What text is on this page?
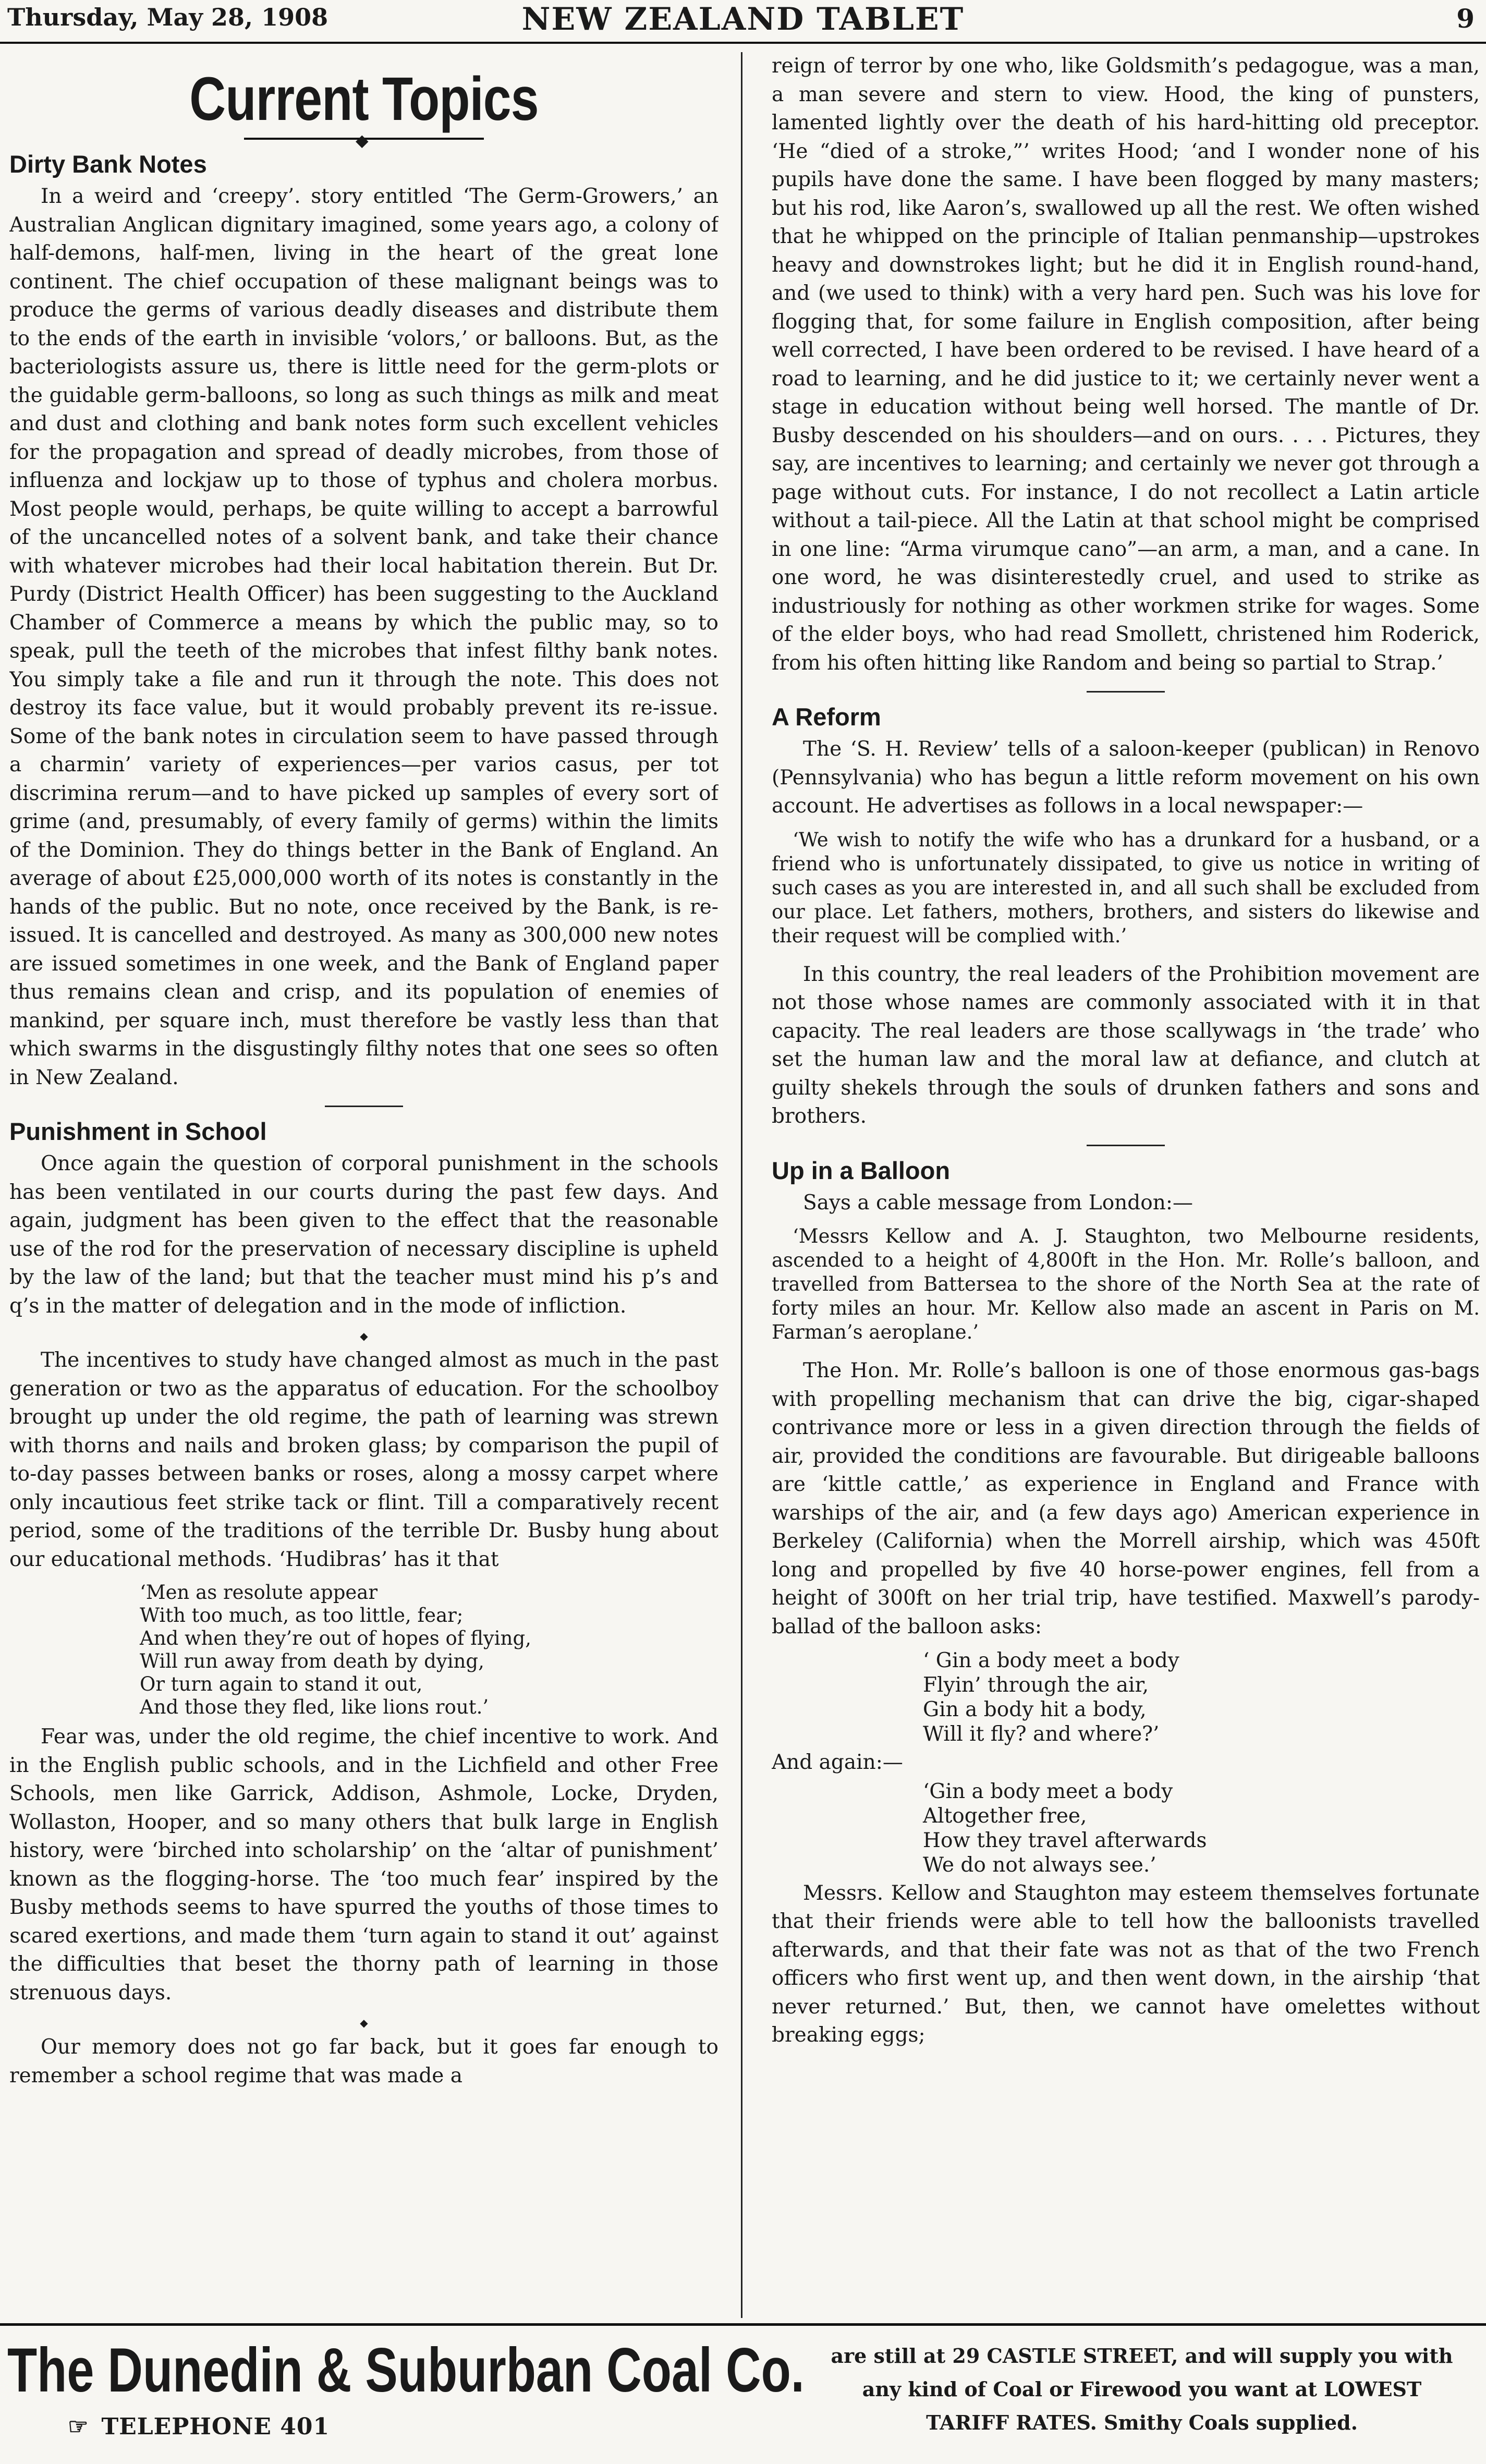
Thursday, May 28, 1908	NEW ZEALAND TABLET	9
Current Topics
◆
Dirty Bank Notes

In a weird and ‘creepy’. story entitled ‘The Germ-Growers,’ an Australian Anglican dignitary imagined, some years ago, a colony of half-demons, half-men, living in the heart of the great lone continent. The chief occupation of these malignant beings was to produce the germs of various deadly diseases and distribute them to the ends of the earth in invisible ‘volors,’ or balloons. But, as the bacteriologists assure us, there is little need for the germ-plots or the guidable germ-balloons, so long as such things as milk and meat and dust and clothing and bank notes form such excellent vehicles for the propagation and spread of deadly microbes, from those of influenza and lockjaw up to those of typhus and cholera morbus. Most people would, perhaps, be quite willing to accept a barrowful of the uncancelled notes of a solvent bank, and take their chance with whatever microbes had their local habitation therein. But Dr. Purdy (District Health Officer) has been suggesting to the Auckland Chamber of Commerce a means by which the public may, so to speak, pull the teeth of the microbes that infest filthy bank notes. You simply take a file and run it through the note. This does not destroy its face value, but it would probably prevent its re-issue. Some of the bank notes in circulation seem to have passed through a charmin’ variety of experiences—per varios casus, per tot discrimina rerum—and to have picked up samples of every sort of grime (and, presumably, of every family of germs) within the limits of the Dominion. They do things better in the Bank of England. An average of about £25,000,000 worth of its notes is constantly in the hands of the public. But no note, once received by the Bank, is re-issued. It is cancelled and destroyed. As many as 300,000 new notes are issued sometimes in one week, and the Bank of England paper thus remains clean and crisp, and its population of enemies of mankind, per square inch, must therefore be vastly less than that which swarms in the disgustingly filthy notes that one sees so often in New Zealand.

Punishment in School

Once again the question of corporal punishment in the schools has been ventilated in our courts during the past few days. And again, judgment has been given to the effect that the reasonable use of the rod for the preservation of necessary discipline is upheld by the law of the land; but that the teacher must mind his p’s and q’s in the matter of delegation and in the mode of infliction.

◆

The incentives to study have changed almost as much in the past generation or two as the apparatus of education. For the schoolboy brought up under the old regime, the path of learning was strewn with thorns and nails and broken glass; by comparison the pupil of to-day passes between banks or roses, along a mossy carpet where only incautious feet strike tack or flint. Till a comparatively recent period, some of the traditions of the terrible Dr. Busby hung about our educational methods. ‘Hudibras’ has it that

‘Men as resolute appear
With too much, as too little, fear;
And when they’re out of hopes of flying,
Will run away from death by dying,
Or turn again to stand it out,
And those they fled, like lions rout.’

Fear was, under the old regime, the chief incentive to work. And in the English public schools, and in the Lichfield and other Free Schools, men like Garrick, Addison, Ashmole, Locke, Dryden, Wollaston, Hooper, and so many others that bulk large in English history, were ‘birched into scholarship’ on the ‘altar of punishment’ known as the flogging-horse. The ‘too much fear’ inspired by the Busby methods seems to have spurred the youths of those times to scared exertions, and made them ‘turn again to stand it out’ against the difficulties that beset the thorny path of learning in those strenuous days.

◆

Our memory does not go far back, but it goes far enough to remember a school regime that was made a

reign of terror by one who, like Goldsmith’s pedagogue, was a man, a man severe and stern to view. Hood, the king of punsters, lamented lightly over the death of his hard-hitting old preceptor. ‘He “died of a stroke,”’ writes Hood; ‘and I wonder none of his pupils have done the same. I have been flogged by many masters; but his rod, like Aaron’s, swallowed up all the rest. We often wished that he whipped on the principle of Italian penmanship—upstrokes heavy and downstrokes light; but he did it in English round-hand, and (we used to think) with a very hard pen. Such was his love for flogging that, for some failure in English composition, after being well corrected, I have been ordered to be revised. I have heard of a road to learning, and he did justice to it; we certainly never went a stage in education without being well horsed. The mantle of Dr. Busby descended on his shoulders—and on ours. . . . Pictures, they say, are incentives to learning; and certainly we never got through a page without cuts. For instance, I do not recollect a Latin article without a tail-piece. All the Latin at that school might be comprised in one line: “Arma virumque cano”—an arm, a man, and a cane. In one word, he was disinterestedly cruel, and used to strike as industriously for nothing as other workmen strike for wages. Some of the elder boys, who had read Smollett, christened him Roderick, from his often hitting like Random and being so partial to Strap.’

A Reform

The ‘S. H. Review’ tells of a saloon-keeper (publican) in Renovo (Pennsylvania) who has begun a little reform movement on his own account. He advertises as follows in a local newspaper:—

‘We wish to notify the wife who has a drunkard for a husband, or a friend who is unfortunately dissipated, to give us notice in writing of such cases as you are interested in, and all such shall be excluded from our place. Let fathers, mothers, brothers, and sisters do likewise and their request will be complied with.’

In this country, the real leaders of the Prohibition movement are not those whose names are commonly associated with it in that capacity. The real leaders are those scallywags in ‘the trade’ who set the human law and the moral law at defiance, and clutch at guilty shekels through the souls of drunken fathers and sons and brothers.

Up in a Balloon

Says a cable message from London:—

‘Messrs Kellow and A. J. Staughton, two Melbourne residents, ascended to a height of 4,800ft in the Hon. Mr. Rolle’s balloon, and travelled from Battersea to the shore of the North Sea at the rate of forty miles an hour. Mr. Kellow also made an ascent in Paris on M. Farman’s aeroplane.’

The Hon. Mr. Rolle’s balloon is one of those enormous gas-bags with propelling mechanism that can drive the big, cigar-shaped contrivance more or less in a given direction through the fields of air, provided the conditions are favourable. But dirigeable balloons are ‘kittle cattle,’ as experience in England and France with warships of the air, and (a few days ago) American experience in Berkeley (California) when the Morrell airship, which was 450ft long and propelled by five 40 horse-power engines, fell from a height of 300ft on her trial trip, have testified. Maxwell’s parody-ballad of the balloon asks:

‘ Gin a body meet a body
Flyin’ through the air,
Gin a body hit a body,
Will it fly? and where?’
And again:—
‘Gin a body meet a body
Altogether free,
How they travel afterwards
We do not always see.’

Messrs. Kellow and Staughton may esteem themselves fortunate that their friends were able to tell how the balloonists travelled afterwards, and that their fate was not as that of the two French officers who first went up, and then went down, in the airship ‘that never returned.’ But, then, we cannot have omelettes without breaking eggs;

The Dunedin & Suburban Coal Co.
☞ TELEPHONE 401
are still at 29 CASTLE STREET, and will supply you with
any kind of Coal or Firewood you want at LOWEST
TARIFF RATES. Smithy Coals supplied.
